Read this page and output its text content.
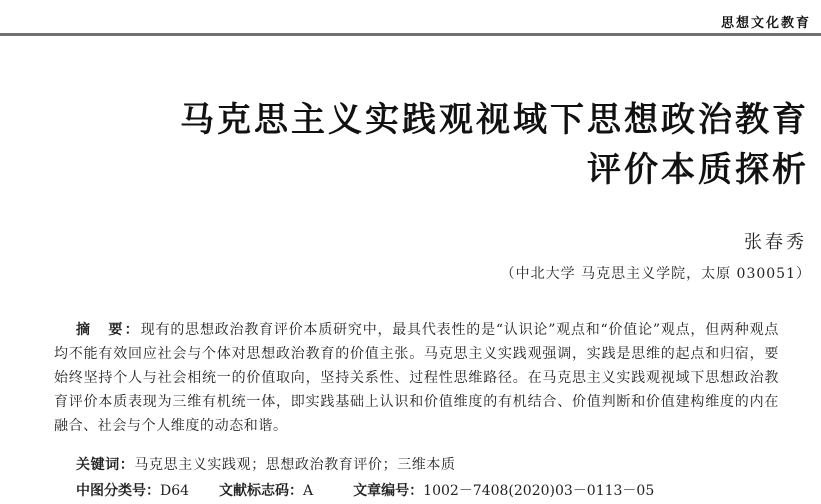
思想文化教育
马克思主义实践观视域下思想政治教育
评价本质探析
张春秀
（中北大学 马克思主义学院，太原 030051）

摘　要：现有的思想政治教育评价本质研究中，最具代表性的是“认识论”观点和“价值论”观点，但两种观点均不能有效回应社会与个体对思想政治教育的价值主张。马克思主义实践观强调，实践是思维的起点和归宿，要始终坚持个人与社会相统一的价值取向，坚持关系性、过程性思维路径。在马克思主义实践观视域下思想政治教育评价本质表现为三维有机统一体，即实践基础上认识和价值维度的有机结合、价值判断和价值建构维度的内在融合、社会与个人维度的动态和谐。

关键词：马克思主义实践观；思想政治教育评价；三维本质
中图分类号：D64 文献标志码：A	文章编号：1002－7408(2020)03－0113－05
